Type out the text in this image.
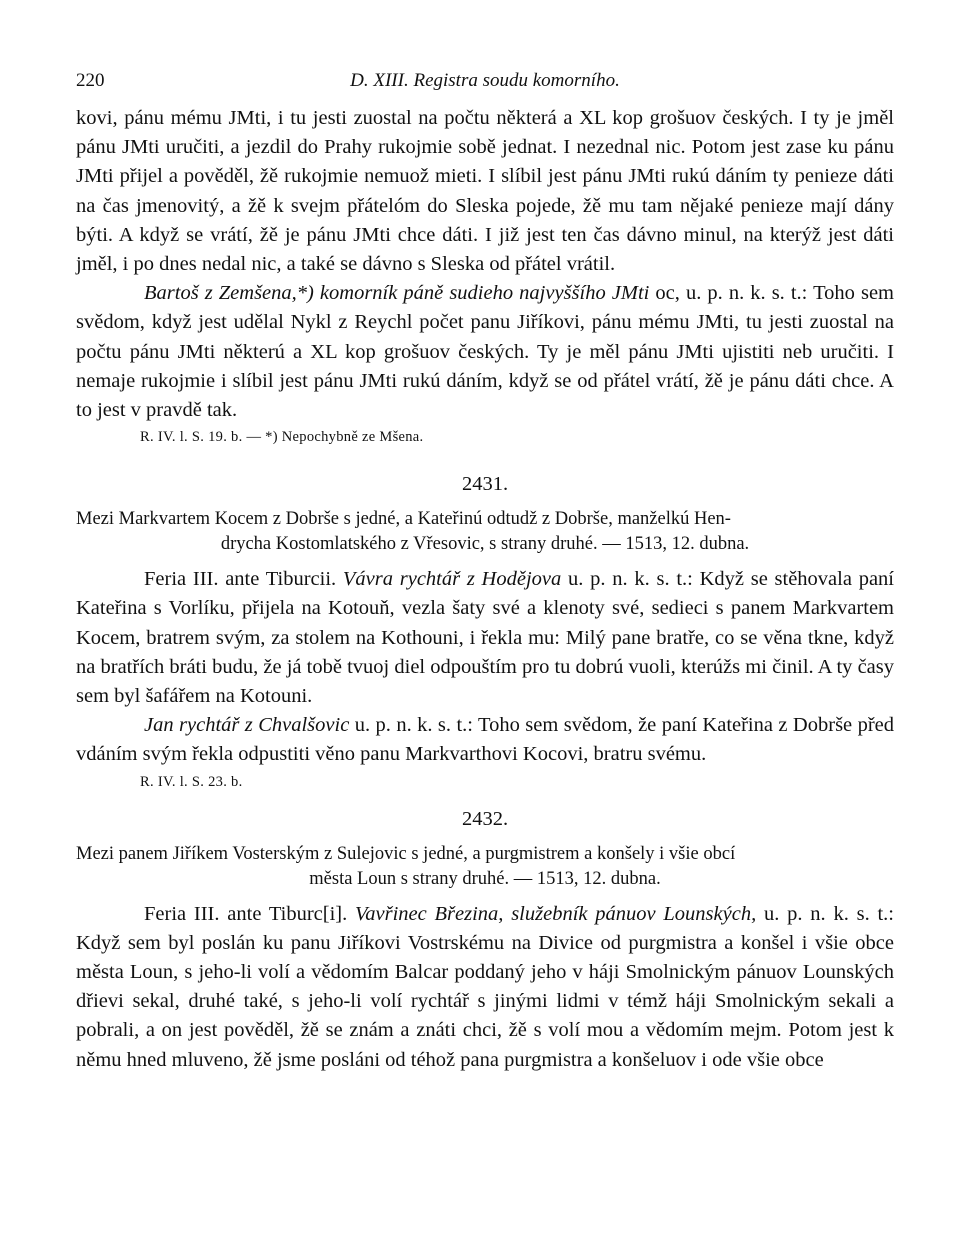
220	D. XIII. Registra soudu komorního.

kovi, pánu mému JMti, i tu jesti zuostal na počtu některá a XL kop grošuov českých. I ty je jměl pánu JMti uručiti, a jezdil do Prahy rukojmie sobě jednat. I nezednal nic. Potom jest zase ku pánu JMti přijel a pověděl, žě rukojmie nemuož mieti. I slíbil jest pánu JMti rukú dáním ty penieze dáti na čas jmenovitý, a žě k svejm přátelóm do Sleska pojede, žě mu tam nějaké penieze mají dány býti. A když se vrátí, žě je pánu JMti chce dáti. I již jest ten čas dávno minul, na kterýž jest dáti jměl, i po dnes nedal nic, a také se dávno s Sleska od přátel vrátil.

Bartoš z Zemšena,*) komorník páně sudieho najvyššího JMti oc, u. p. n. k. s. t.: Toho sem svědom, když jest udělal Nykl z Reychl počet panu Jiříkovi, pánu mému JMti, tu jesti zuostal na počtu pánu JMti některú a XL kop grošuov českých. Ty je měl pánu JMti ujistiti neb uručiti. I nemaje rukojmie i slíbil jest pánu JMti rukú dáním, když se od přátel vrátí, žě je pánu dáti chce. A to jest v pravdě tak.

R. IV. l. S. 19. b. — *) Nepochybně ze Mšena.

2431.
Mezi Markvartem Kocem z Dobrše s jedné, a Kateřinú odtudž z Dobrše, manželkú Hen-
drycha Kostomlatského z Vřesovic, s strany druhé. — 1513, 12. dubna.

Feria III. ante Tiburcii. Vávra rychtář z Hodějova u. p. n. k. s. t.: Když se stěhovala paní Kateřina s Vorlíku, přijela na Kotouň, vezla šaty své a klenoty své, sedieci s panem Markvartem Kocem, bratrem svým, za stolem na Kothouni, i řekla mu: Milý pane bratře, co se věna tkne, když na bratřích bráti budu, že já tobě tvuoj diel odpouštím pro tu dobrú vuoli, kterúžs mi činil. A ty časy sem byl šafářem na Kotouni.

Jan rychtář z Chvalšovic u. p. n. k. s. t.: Toho sem svědom, že paní Kateřina z Dobrše před vdáním svým řekla odpustiti věno panu Markvarthovi Kocovi, bratru svému.

R. IV. l. S. 23. b.

2432.
Mezi panem Jiříkem Vosterským z Sulejovic s jedné, a purgmistrem a konšely i všie obcí
města Loun s strany druhé. — 1513, 12. dubna.

Feria III. ante Tiburc[i]. Vavřinec Březina, služebník pánuov Lounských, u. p. n. k. s. t.: Když sem byl poslán ku panu Jiříkovi Vostrskému na Divice od purgmistra a konšel i všie obce města Loun, s jeho-li volí a vědomím Balcar poddaný jeho v háji Smolnickým pánuov Lounských dřievi sekal, druhé také, s jeho-li volí rychtář s jinými lidmi v témž háji Smolnickým sekali a pobrali, a on jest pověděl, žě se znám a znáti chci, žě s volí mou a vědomím mejm. Potom jest k němu hned mluveno, žě jsme posláni od téhož pana purgmistra a konšeluov i ode všie obce
